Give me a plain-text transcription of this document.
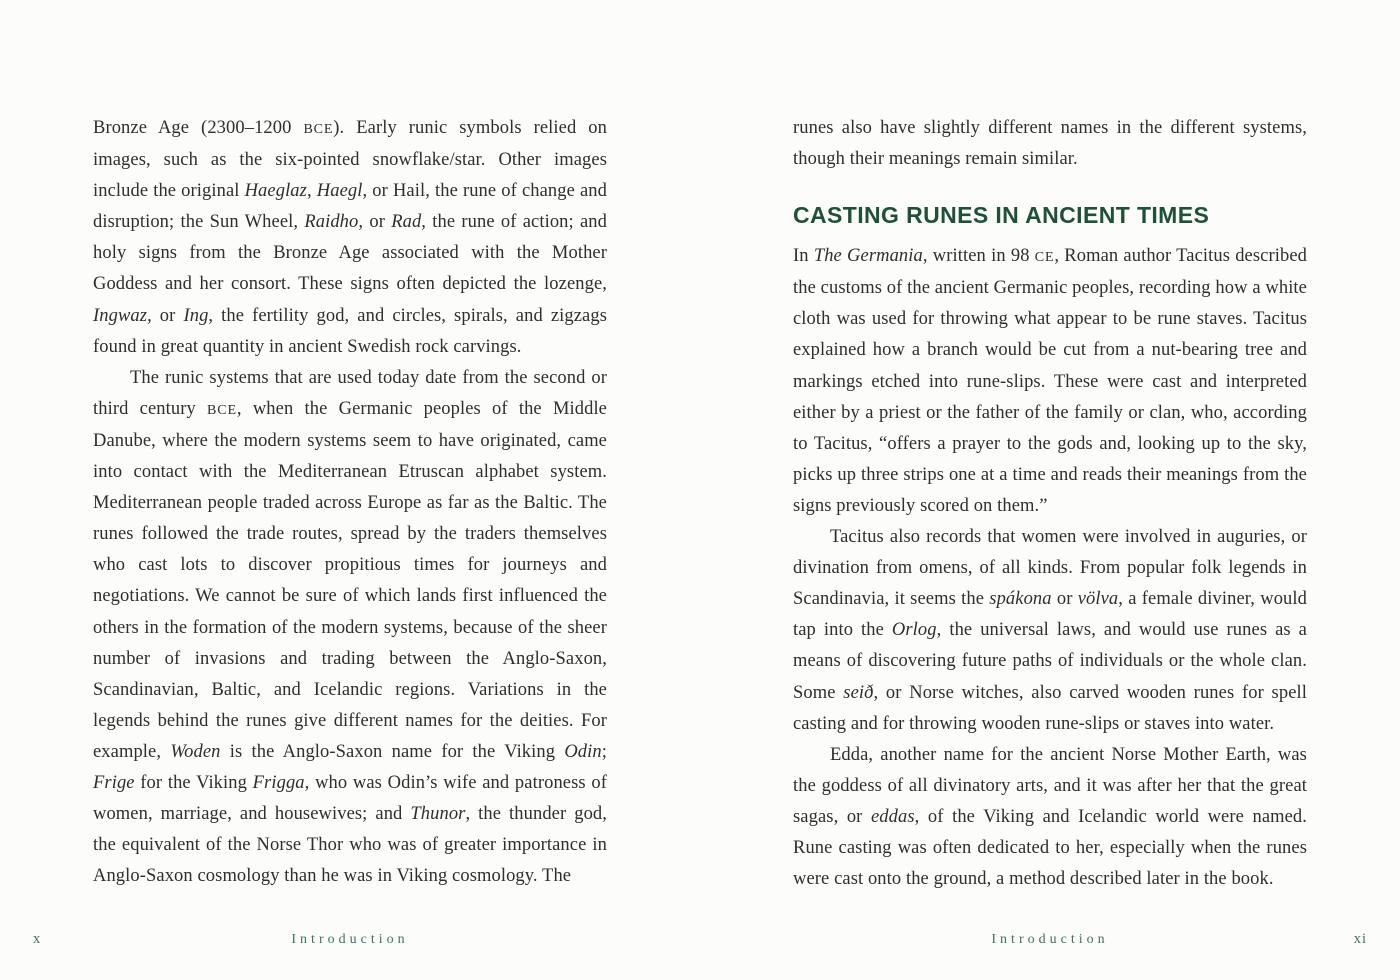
Bronze Age (2300–1200 BCE). Early runic symbols relied on images, such as the six-pointed snowflake/star. Other images include the original Haeglaz, Haegl, or Hail, the rune of change and disruption; the Sun Wheel, Raidho, or Rad, the rune of action; and holy signs from the Bronze Age associated with the Mother Goddess and her consort. These signs often depicted the lozenge, Ingwaz, or Ing, the fertility god, and circles, spirals, and zigzags found in great quantity in ancient Swedish rock carvings.

The runic systems that are used today date from the second or third century BCE, when the Germanic peoples of the Middle Danube, where the modern systems seem to have originated, came into contact with the Mediterranean Etruscan alphabet system. Mediterranean people traded across Europe as far as the Baltic. The runes followed the trade routes, spread by the traders themselves who cast lots to discover propitious times for journeys and negotiations. We cannot be sure of which lands first influenced the others in the formation of the modern systems, because of the sheer number of invasions and trading between the Anglo-Saxon, Scandinavian, Baltic, and Icelandic regions. Variations in the legends behind the runes give different names for the deities. For example, Woden is the Anglo-Saxon name for the Viking Odin; Frige for the Viking Frigga, who was Odin’s wife and patroness of women, marriage, and housewives; and Thunor, the thunder god, the equivalent of the Norse Thor who was of greater importance in Anglo-Saxon cosmology than he was in Viking cosmology. The

x	Introduction

runes also have slightly different names in the different systems, though their meanings remain similar.

CASTING RUNES IN ANCIENT TIMES

In The Germania, written in 98 CE, Roman author Tacitus described the customs of the ancient Germanic peoples, recording how a white cloth was used for throwing what appear to be rune staves. Tacitus explained how a branch would be cut from a nut-bearing tree and markings etched into rune-slips. These were cast and interpreted either by a priest or the father of the family or clan, who, according to Tacitus, “offers a prayer to the gods and, looking up to the sky, picks up three strips one at a time and reads their meanings from the signs previously scored on them.”

Tacitus also records that women were involved in auguries, or divination from omens, of all kinds. From popular folk legends in Scandinavia, it seems the spákona or völva, a female diviner, would tap into the Orlog, the universal laws, and would use runes as a means of discovering future paths of individuals or the whole clan. Some seið, or Norse witches, also carved wooden runes for spell casting and for throwing wooden rune-slips or staves into water.

Edda, another name for the ancient Norse Mother Earth, was the goddess of all divinatory arts, and it was after her that the great sagas, or eddas, of the Viking and Icelandic world were named. Rune casting was often dedicated to her, especially when the runes were cast onto the ground, a method described later in the book.

Introduction	xi
